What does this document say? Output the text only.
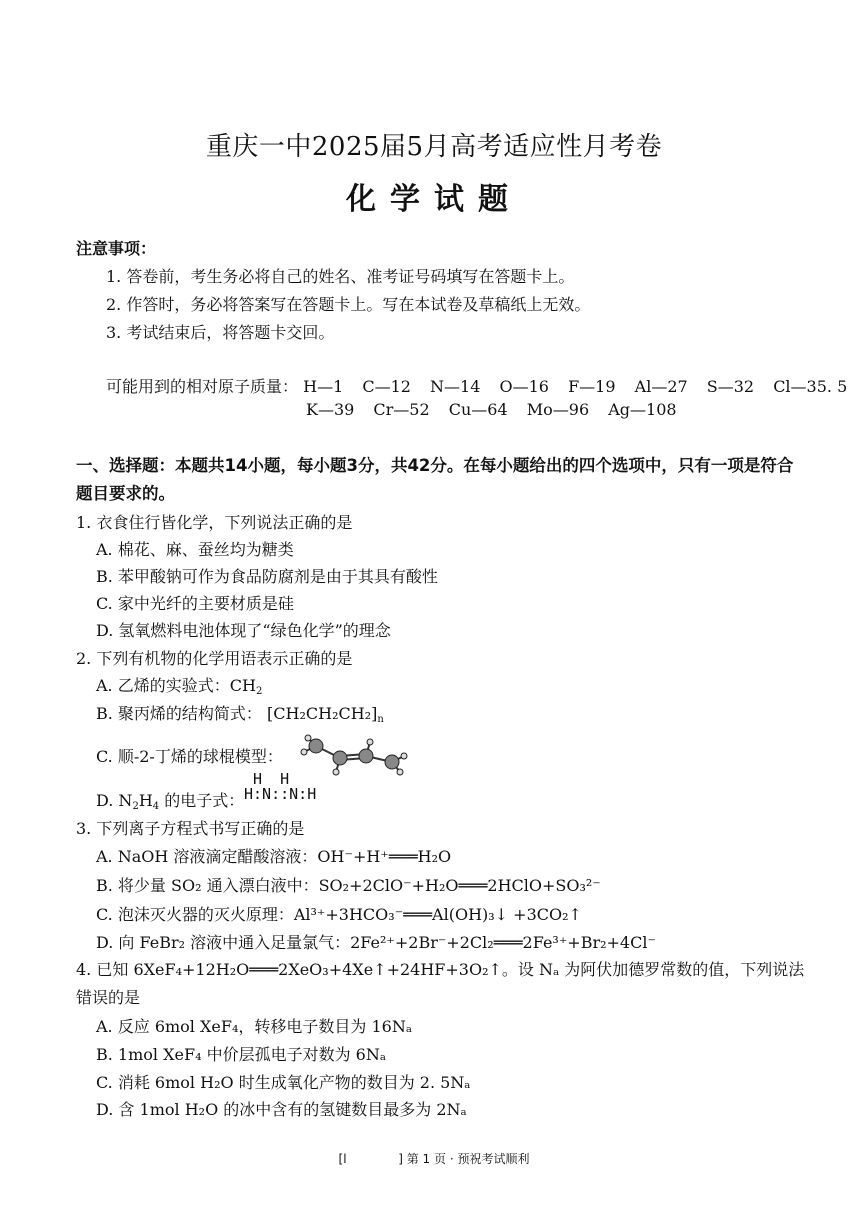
重庆一中2025届5月高考适应性月考卷
化学试题
注意事项：
1. 答卷前，考生务必将自己的姓名、准考证号码填写在答题卡上。
2. 作答时，务必将答案写在答题卡上。写在本试卷及草稿纸上无效。
3. 考试结束后，将答题卡交回。
可能用到的相对原子质量： H—1 C—12 N—14 O—16 F—19 Al—27 S—32 Cl—35. 5
K—39 Cr—52 Cu—64 Mo—96 Ag—108
一、选择题：本题共14小题，每小题3分，共42分。在每小题给出的四个选项中，只有一项是符合题目要求的。
1. 衣食住行皆化学，下列说法正确的是
A. 棉花、麻、蚕丝均为糖类
B. 苯甲酸钠可作为食品防腐剂是由于其具有酸性
C. 家中光纤的主要材质是硅
D. 氢氧燃料电池体现了“绿色化学”的理念
2. 下列有机物的化学用语表示正确的是
A. 乙烯的实验式：$CH_2$
B. 聚丙烯的结构简式： $[CH_2CH_2CH_2]_n$
C. 顺-2-丁烯的球棍模型：
D. $N_2H_4$ 的电子式：
H  H
H:N::N:H
3. 下列离子方程式书写正确的是
A. NaOH 溶液滴定醋酸溶液：OH⁻+H⁺═══H₂O
B. 将少量 SO₂ 通入漂白液中：SO₂+2ClO⁻+H₂O═══2HClO+SO₃²⁻
C. 泡沫灭火器的灭火原理：Al³⁺+3HCO₃⁻═══Al(OH)₃↓ +3CO₂↑
D. 向 FeBr₂ 溶液中通入足量氯气：2Fe²⁺+2Br⁻+2Cl₂═══2Fe³⁺+Br₂+4Cl⁻
4. 已知 6XeF₄+12H₂O═══2XeO₃+4Xe↑+24HF+3O₂↑。设 Nₐ 为阿伏加德罗常数的值，下列说法错误的是
A. 反应 6mol XeF₄，转移电子数目为 16Nₐ
B. 1mol XeF₄ 中价层孤电子对数为 6Nₐ
C. 消耗 6mol H₂O 时生成氧化产物的数目为 2. 5Nₐ
D. 含 1mol H₂O 的冰中含有的氢键数目最多为 2Nₐ
[l	] 第 1 页 · 预祝考试顺利
